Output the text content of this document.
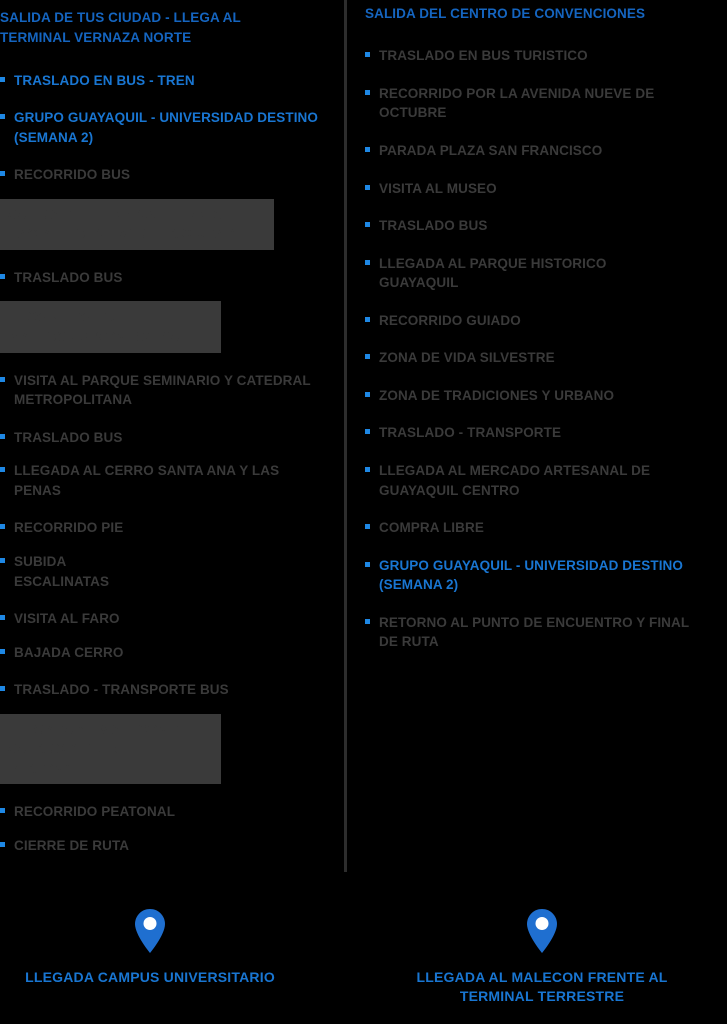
SALIDA DE TUS CIUDAD - LLEGA AL TERMINAL VERNAZA NORTE
TRASLADO EN BUS - TREN
GRUPO GUAYAQUIL - UNIVERSIDAD DESTINO (SEMANA 2)
RECORRIDO BUS
SALIDA DEL TERMINAL TERRESTRE HACIA EL CENTRO DE LA CIUDAD
TRASLADO BUS
RECORRIDO POR EL MALECON SIMON BOLIVAR
VISITA AL PARQUE SEMINARIO Y CATEDRAL METROPOLITANA
TRASLADO BUS
LLEGADA AL CERRO SANTA ANA Y LAS PENAS
RECORRIDO PIE
SUBIDA ESCALINATAS
VISITA AL FARO
BAJADA CERRO
TRASLADO - TRANSPORTE BUS
LLEGADA AL MALECON DEL SALADO Y PUENTE PEATONAL
RECORRIDO PEATONAL
CIERRE DE RUTA
SALIDA DEL CENTRO DE CONVENCIONES
TRASLADO EN BUS TURISTICO
RECORRIDO POR LA AVENIDA NUEVE DE OCTUBRE
PARADA PLAZA SAN FRANCISCO
VISITA AL MUSEO
TRASLADO BUS
LLEGADA AL PARQUE HISTORICO GUAYAQUIL
RECORRIDO GUIADO
ZONA DE VIDA SILVESTRE
ZONA DE TRADICIONES Y URBANO
TRASLADO - TRANSPORTE
LLEGADA AL MERCADO ARTESANAL DE GUAYAQUIL CENTRO
COMPRA LIBRE
GRUPO GUAYAQUIL - UNIVERSIDAD DESTINO (SEMANA 2)
RETORNO AL PUNTO DE ENCUENTRO Y FINAL DE RUTA
LLEGADA CAMPUS UNIVERSITARIO	LLEGADA AL MALECON FRENTE AL TERMINAL TERRESTRE
